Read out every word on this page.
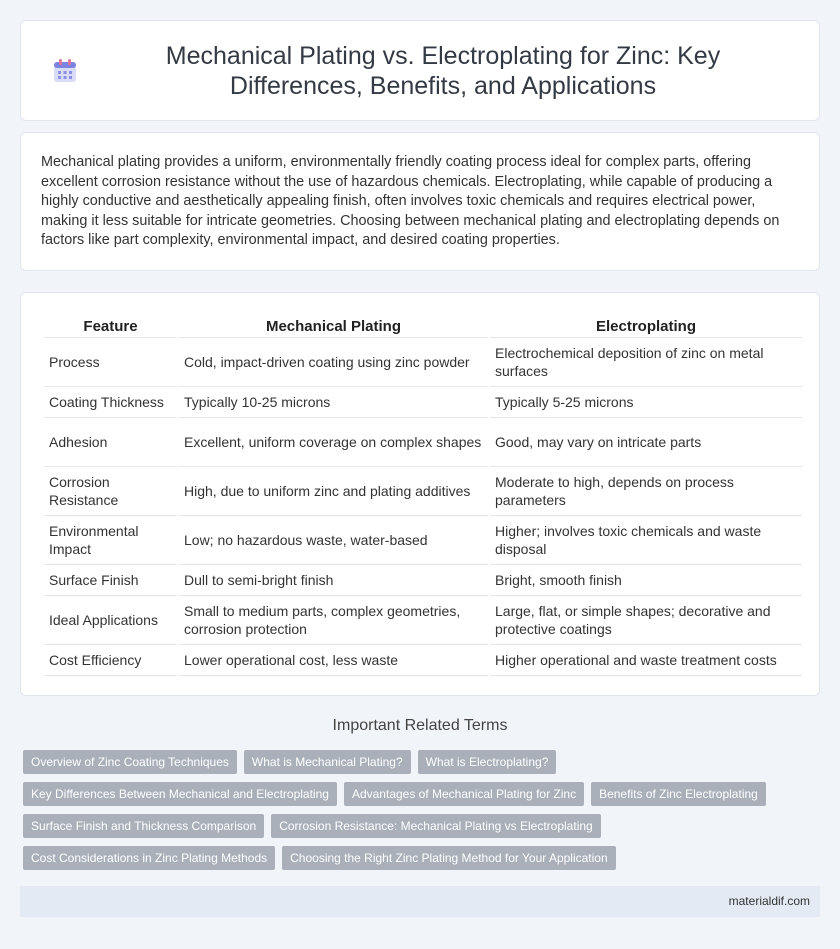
Mechanical Plating vs. Electroplating for Zinc: Key Differences, Benefits, and Applications

Mechanical plating provides a uniform, environmentally friendly coating process ideal for complex parts, offering excellent corrosion resistance without the use of hazardous chemicals. Electroplating, while capable of producing a highly conductive and aesthetically appealing finish, often involves toxic chemicals and requires electrical power, making it less suitable for intricate geometries. Choosing between mechanical plating and electroplating depends on factors like part complexity, environmental impact, and desired coating properties.

Feature	Mechanical Plating	Electroplating
Process	Cold, impact-driven coating using zinc powder	Electrochemical deposition of zinc on metal surfaces
Coating Thickness	Typically 10-25 microns	Typically 5-25 microns
Adhesion	Excellent, uniform coverage on complex shapes	Good, may vary on intricate parts
Corrosion Resistance	High, due to uniform zinc and plating additives	Moderate to high, depends on process parameters
Environmental Impact	Low; no hazardous waste, water-based	Higher; involves toxic chemicals and waste disposal
Surface Finish	Dull to semi-bright finish	Bright, smooth finish
Ideal Applications	Small to medium parts, complex geometries, corrosion protection	Large, flat, or simple shapes; decorative and protective coatings
Cost Efficiency	Lower operational cost, less waste	Higher operational and waste treatment costs
Important Related Terms
Overview of Zinc Coating Techniques	What is Mechanical Plating?	What is Electroplating?
Key Differences Between Mechanical and Electroplating	Advantages of Mechanical Plating for Zinc	Benefits of Zinc Electroplating
Surface Finish and Thickness Comparison	Corrosion Resistance: Mechanical Plating vs Electroplating
Cost Considerations in Zinc Plating Methods	Choosing the Right Zinc Plating Method for Your Application
materialdif.com
